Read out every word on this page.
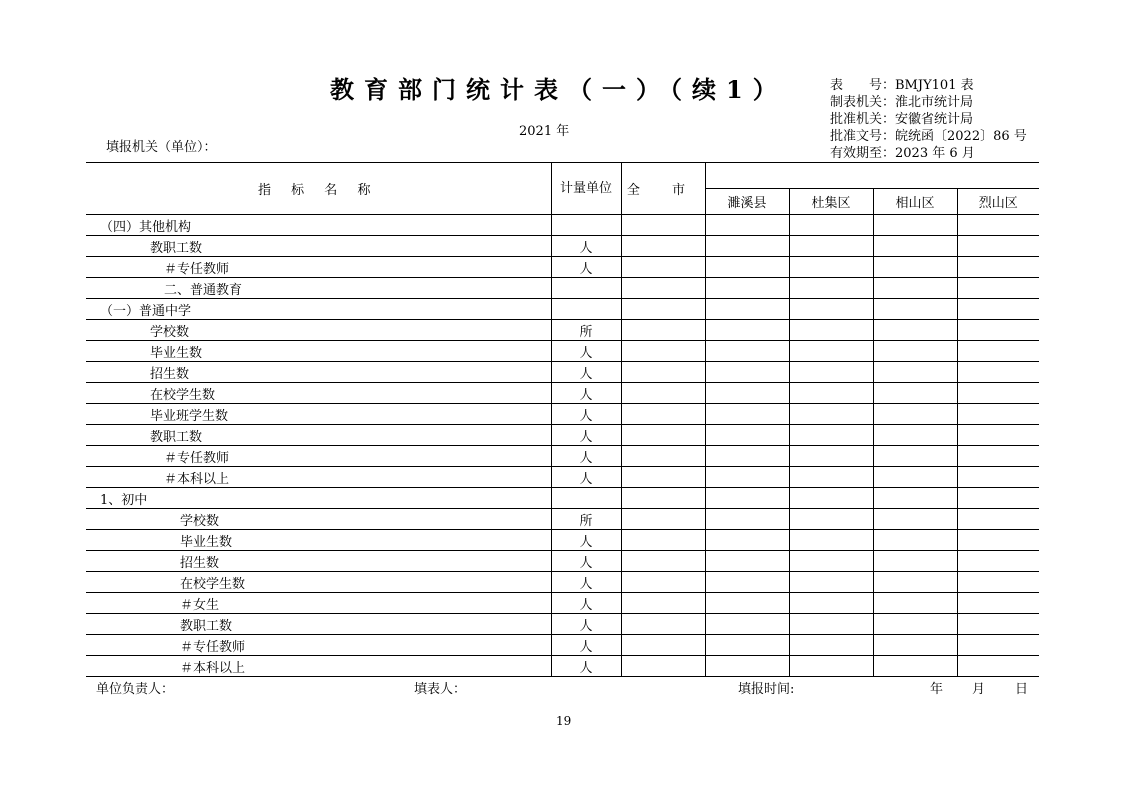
教育部门统计表（一）（续1）
2021 年
填报机关（单位）：
表　　号：BMJY101 表
制表机关：淮北市统计局
批准机关：安徽省统计局
批准文号：皖统函〔2022〕86 号
有效期至：2023 年 6 月
指 标 名 称	计量单位	全 市				
			濉溪县	杜集区	相山区	烈山区
（四）其他机构						
教职工数	人					
＃专任教师	人					
二、普通教育						
（一）普通中学						
学校数	所					
毕业生数	人					
招生数	人					
在校学生数	人					
毕业班学生数	人					
教职工数	人					
＃专任教师	人					
＃本科以上	人					
1、初中						
学校数	所					
毕业生数	人					
招生数	人					
在校学生数	人					
＃女生	人					
教职工数	人					
＃专任教师	人					
＃本科以上	人					
单位负责人：	填表人：	填报时间:	年 月 日
19
